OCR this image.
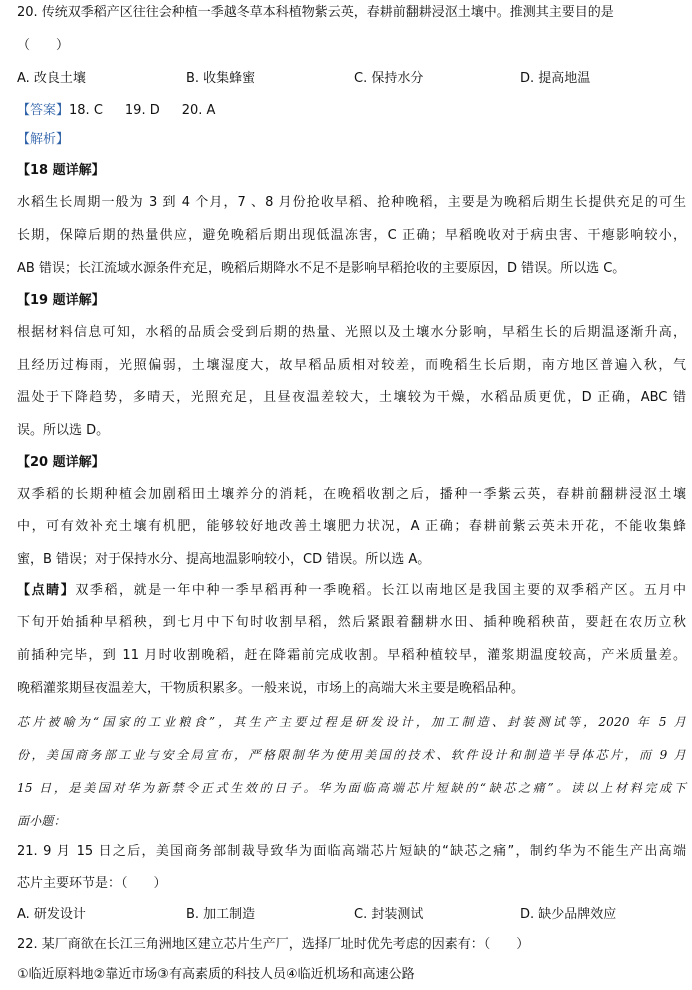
20. 传统双季稻产区往往会种植一季越冬草本科植物紫云英，春耕前翻耕浸沤土壤中。推测其主要目的是
（　　）
A. 改良土壤	B. 收集蜂蜜	C. 保持水分	D. 提高地温
【答案】18. C 19. D 20. A
【解析】
【18 题详解】
水稻生长周期一般为 3 到 4 个月，7 、8 月份抢收早稻、抢种晚稻，主要是为晚稻后期生长提供充足的可生
长期，保障后期的热量供应，避免晚稻后期出现低温冻害，C 正确；早稻晚收对于病虫害、干瘪影响较小，
AB 错误；长江流域水源条件充足，晚稻后期降水不足不是影响早稻抢收的主要原因，D 错误。所以选 C。
【19 题详解】
根据材料信息可知，水稻的品质会受到后期的热量、光照以及土壤水分影响，早稻生长的后期温逐渐升高，
且经历过梅雨，光照偏弱，土壤湿度大，故早稻品质相对较差，而晚稻生长后期，南方地区普遍入秋，气
温处于下降趋势，多晴天，光照充足，且昼夜温差较大，土壤较为干燥，水稻品质更优，D 正确，ABC 错
误。所以选 D。
【20 题详解】
双季稻的长期种植会加剧稻田土壤养分的消耗，在晚稻收割之后，播种一季紫云英，春耕前翻耕浸沤土壤
中，可有效补充土壤有机肥，能够较好地改善土壤肥力状况，A 正确；春耕前紫云英未开花，不能收集蜂
蜜，B 错误；对于保持水分、提高地温影响较小，CD 错误。所以选 A。
【点睛】双季稻，就是一年中种一季早稻再种一季晚稻。长江以南地区是我国主要的双季稻产区。五月中
下旬开始插种早稻秧，到七月中下旬时收割早稻，然后紧跟着翻耕水田、插种晚稻秧苗，要赶在农历立秋
前插种完毕，到 11 月时收割晚稻，赶在降霜前完成收割。早稻种植较早，灌浆期温度较高，产米质量差。
晚稻灌浆期昼夜温差大，干物质积累多。一般来说，市场上的高端大米主要是晚稻品种。
芯片被喻为“国家的工业粮食”，其生产主要过程是研发设计，加工制造、封装测试等，2020 年 5 月
份，美国商务部工业与安全局宣布，严格限制华为使用美国的技术、软件设计和制造半导体芯片，而 9 月
15 日，是美国对华为新禁令正式生效的日子。华为面临高端芯片短缺的“缺芯之痛”。读以上材料完成下
面小题：
21. 9 月 15 日之后，美国商务部制裁导致华为面临高端芯片短缺的“缺芯之痛”，制约华为不能生产出高端
芯片主要环节是：（　　）
A. 研发设计	B. 加工制造	C. 封装测试	D. 缺少品牌效应
22. 某厂商欲在长江三角洲地区建立芯片生产厂，选择厂址时优先考虑的因素有：（　　）
①临近原料地②靠近市场③有高素质的科技人员④临近机场和高速公路
